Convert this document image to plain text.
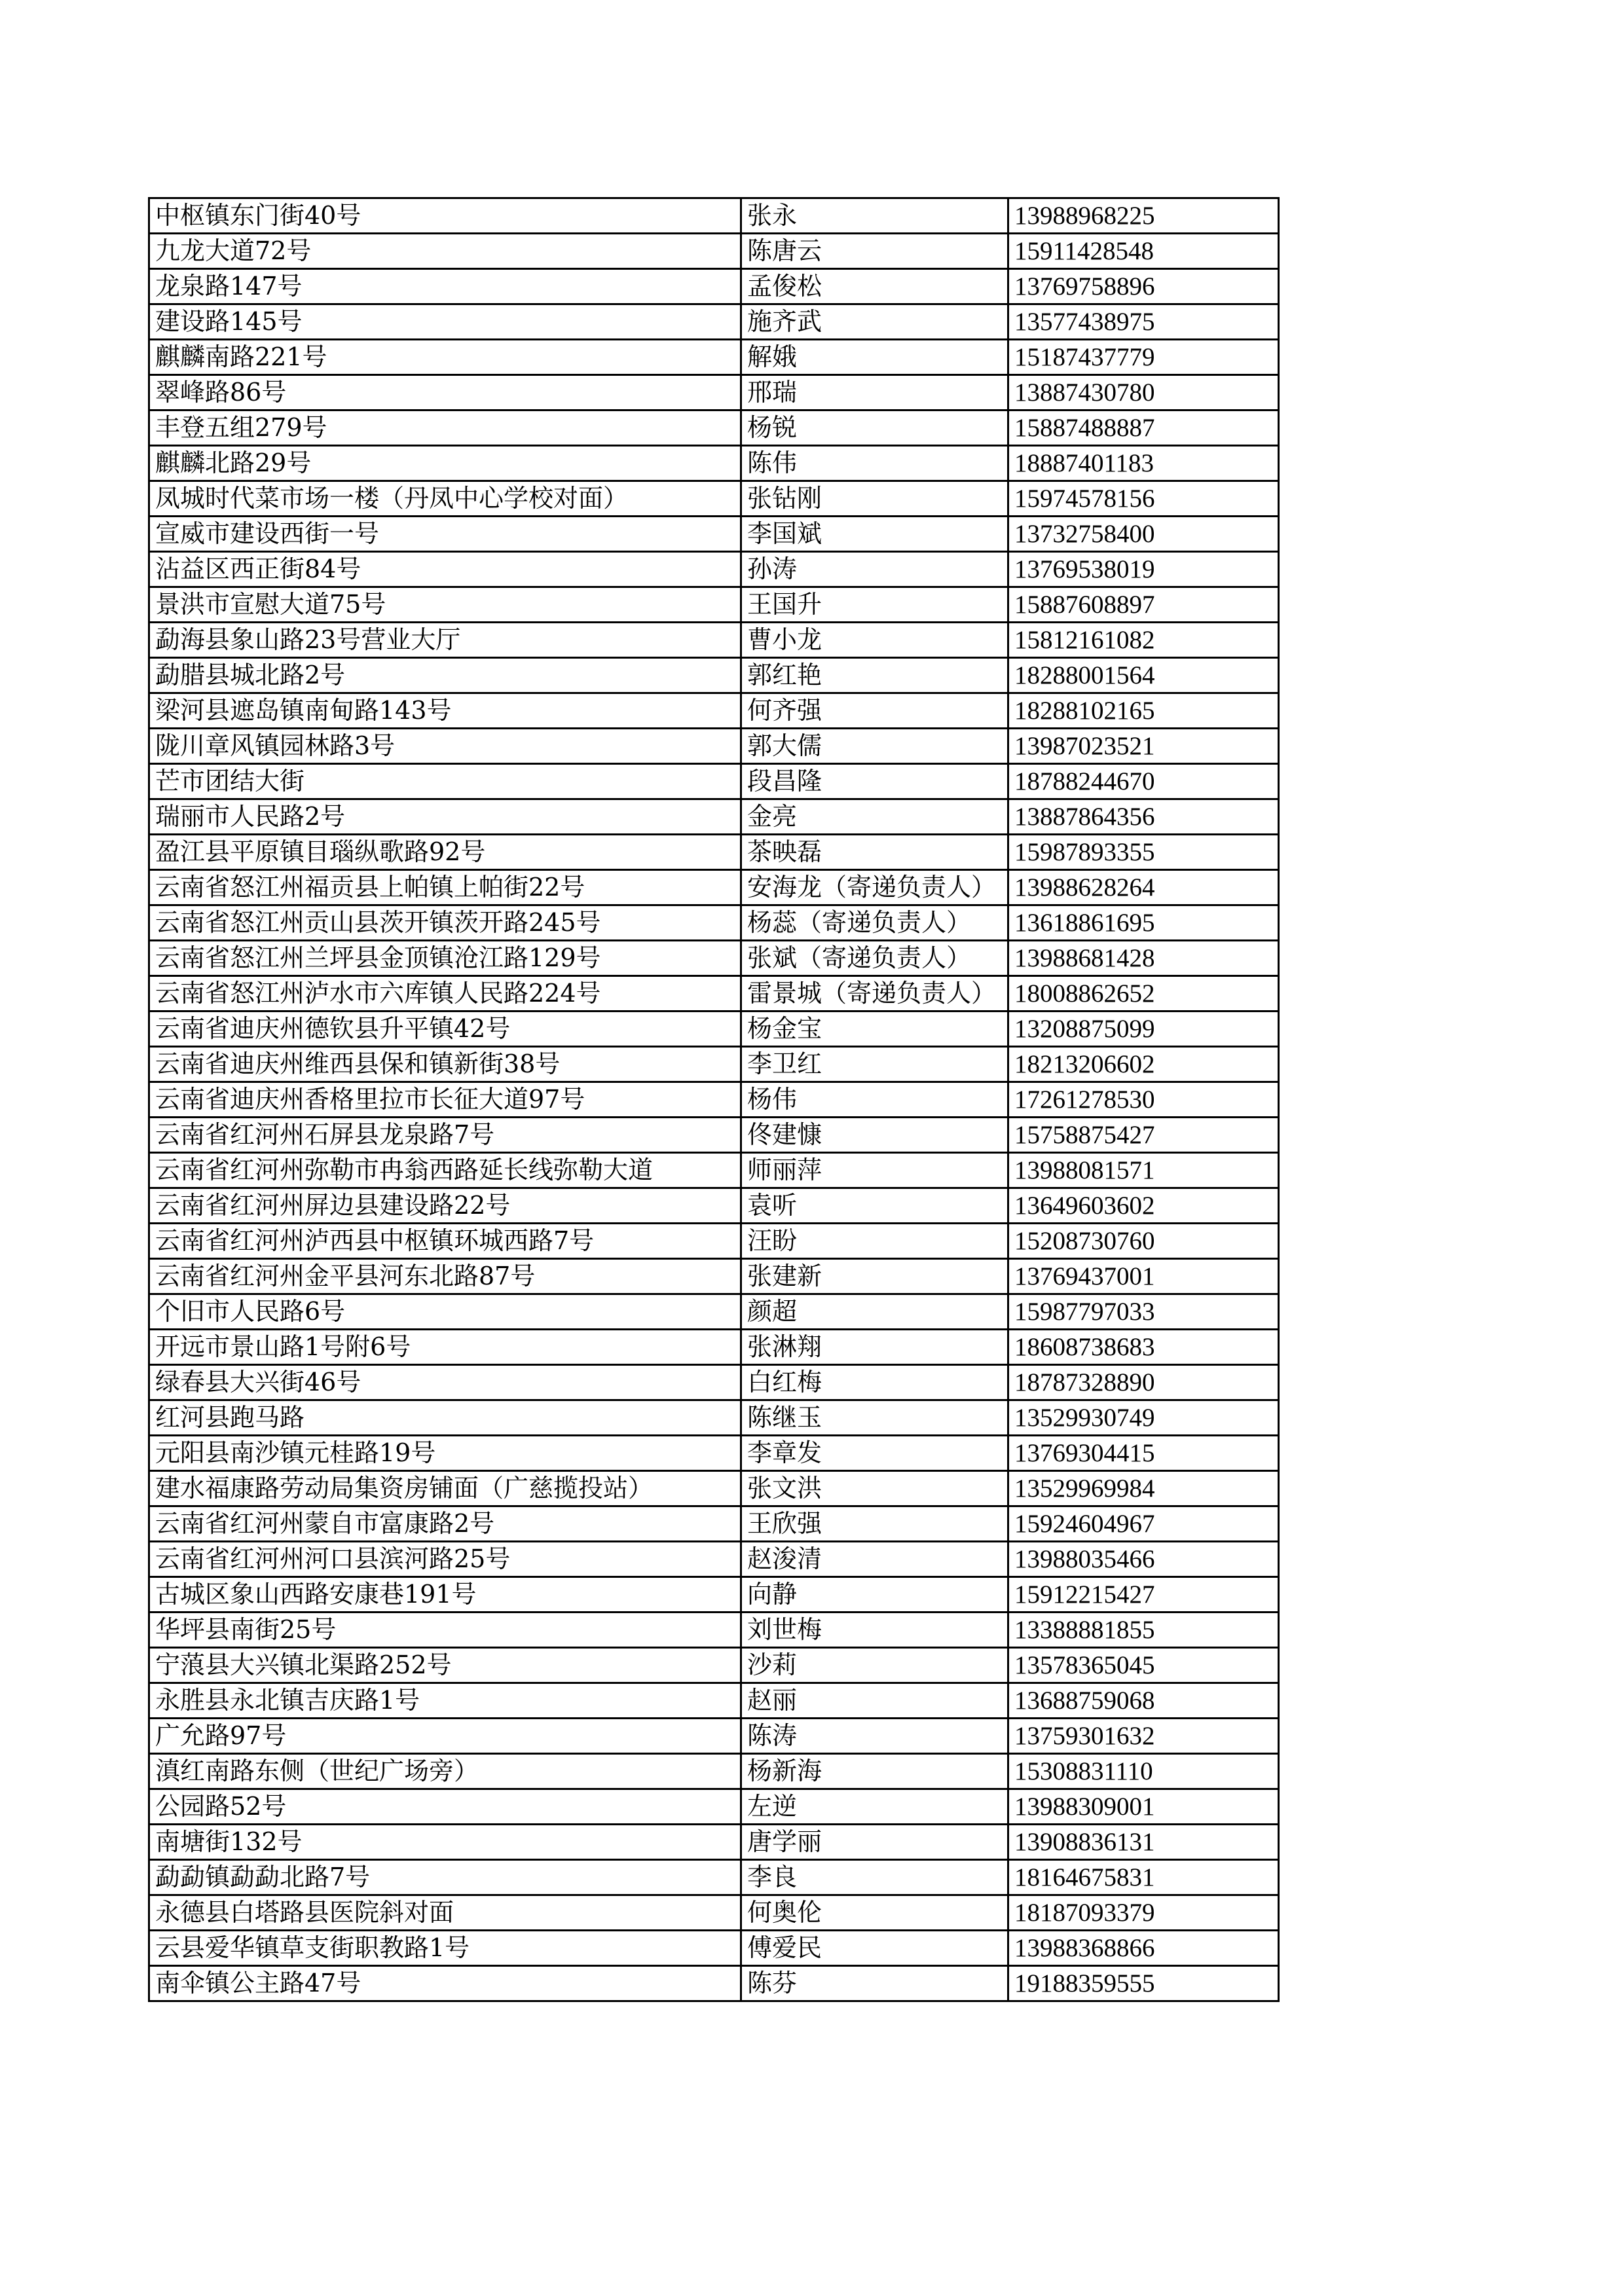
中枢镇东门街40号	张永	13988968225
九龙大道72号	陈唐云	15911428548
龙泉路147号	孟俊松	13769758896
建设路145号	施齐武	13577438975
麒麟南路221号	解娥	15187437779
翠峰路86号	邢瑞	13887430780
丰登五组279号	杨锐	15887488887
麒麟北路29号	陈伟	18887401183
凤城时代菜市场一楼（丹凤中心学校对面）	张钻刚	15974578156
宣威市建设西街一号	李国斌	13732758400
沾益区西正街84号	孙涛	13769538019
景洪市宣慰大道75号	王国升	15887608897
勐海县象山路23号营业大厅	曹小龙	15812161082
勐腊县城北路2号	郭红艳	18288001564
梁河县遮岛镇南甸路143号	何齐强	18288102165
陇川章风镇园林路3号	郭大儒	13987023521
芒市团结大街	段昌隆	18788244670
瑞丽市人民路2号	金亮	13887864356
盈江县平原镇目瑙纵歌路92号	茶映磊	15987893355
云南省怒江州福贡县上帕镇上帕街22号	安海龙（寄递负责人）	13988628264
云南省怒江州贡山县茨开镇茨开路245号	杨蕊（寄递负责人）	13618861695
云南省怒江州兰坪县金顶镇沧江路129号	张斌（寄递负责人）	13988681428
云南省怒江州泸水市六库镇人民路224号	雷景城（寄递负责人）	18008862652
云南省迪庆州德钦县升平镇42号	杨金宝	13208875099
云南省迪庆州维西县保和镇新街38号	李卫红	18213206602
云南省迪庆州香格里拉市长征大道97号	杨伟	17261278530
云南省红河州石屏县龙泉路7号	佟建慷	15758875427
云南省红河州弥勒市冉翁西路延长线弥勒大道	师丽萍	13988081571
云南省红河州屏边县建设路22号	袁听	13649603602
云南省红河州泸西县中枢镇环城西路7号	汪盼	15208730760
云南省红河州金平县河东北路87号	张建新	13769437001
个旧市人民路6号	颜超	15987797033
开远市景山路1号附6号	张淋翔	18608738683
绿春县大兴街46号	白红梅	18787328890
红河县跑马路	陈继玉	13529930749
元阳县南沙镇元桂路19号	李章发	13769304415
建水福康路劳动局集资房铺面（广慈揽投站）	张文洪	13529969984
云南省红河州蒙自市富康路2号	王欣强	15924604967
云南省红河州河口县滨河路25号	赵浚清	13988035466
古城区象山西路安康巷191号	向静	15912215427
华坪县南街25号	刘世梅	13388881855
宁蒗县大兴镇北渠路252号	沙莉	13578365045
永胜县永北镇吉庆路1号	赵丽	13688759068
广允路97号	陈涛	13759301632
滇红南路东侧（世纪广场旁）	杨新海	15308831110
公园路52号	左逆	13988309001
南塘街132号	唐学丽	13908836131
勐勐镇勐勐北路7号	李良	18164675831
永德县白塔路县医院斜对面	何奥伦	18187093379
云县爱华镇草支街职教路1号	傅爱民	13988368866
南伞镇公主路47号	陈芬	19188359555
